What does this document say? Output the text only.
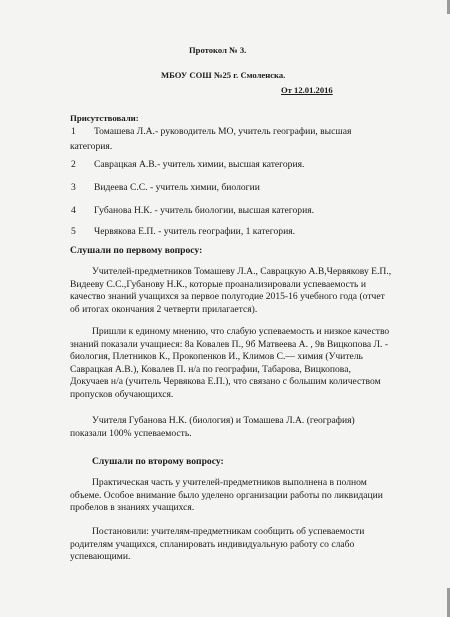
Протокол № 3.
МБОУ СОШ №25 г. Смоленска.
От 12.01.2016
Присутствовали:
1 Томашева Л.А.- руководитель МО, учитель географии, высшая
категория.
2 Саврацкая А.В.- учитель химии, высшая категория.
3 Видеева С.С. - учитель химии, биологии
4 Губанова Н.К. - учитель биологии, высшая категория.
5 Червякова Е.П. - учитель географии, 1 категория.
Слушали по первому вопросу:
Учителей-предметников Томашеву Л.А., Саврацкую А.В,Червякову Е.П.,
Видееву С.С.,Губанову Н.К., которые проанализировали успеваемость и
качество знаний учащихся за первое полугодие 2015-16 учебного года (отчет
об итогах окончания 2 четверти прилагается).
Пришли к единому мнению, что слабую успеваемость и низкое качество
знаний показали учащиеся: 8а Ковалев П., 9б Матвеева А. , 9в Вицкопова Л. -
биология, Плетников К., Прокопенков И., Климов С.— химия (Учитель
Саврацкая А.В.), Ковалев П. н/а по географии, Табарова, Вицкопова,
Докучаев н/а (учитель Червякова Е.П.), что связано с большим количеством
пропусков обучающихся.
Учителя Губанова Н.К. (биология) и Томашева Л.А. (география)
показали 100% успеваемость.
Слушали по второму вопросу:
Практическая часть у учителей-предметников выполнена в полном
объеме. Особое внимание было уделено организации работы по ликвидации
пробелов в знаниях учащихся.
Постановили: учителям-предметникам сообщить об успеваемости
родителям учащихся, спланировать индивидуальную работу со слабо
успевающими.
